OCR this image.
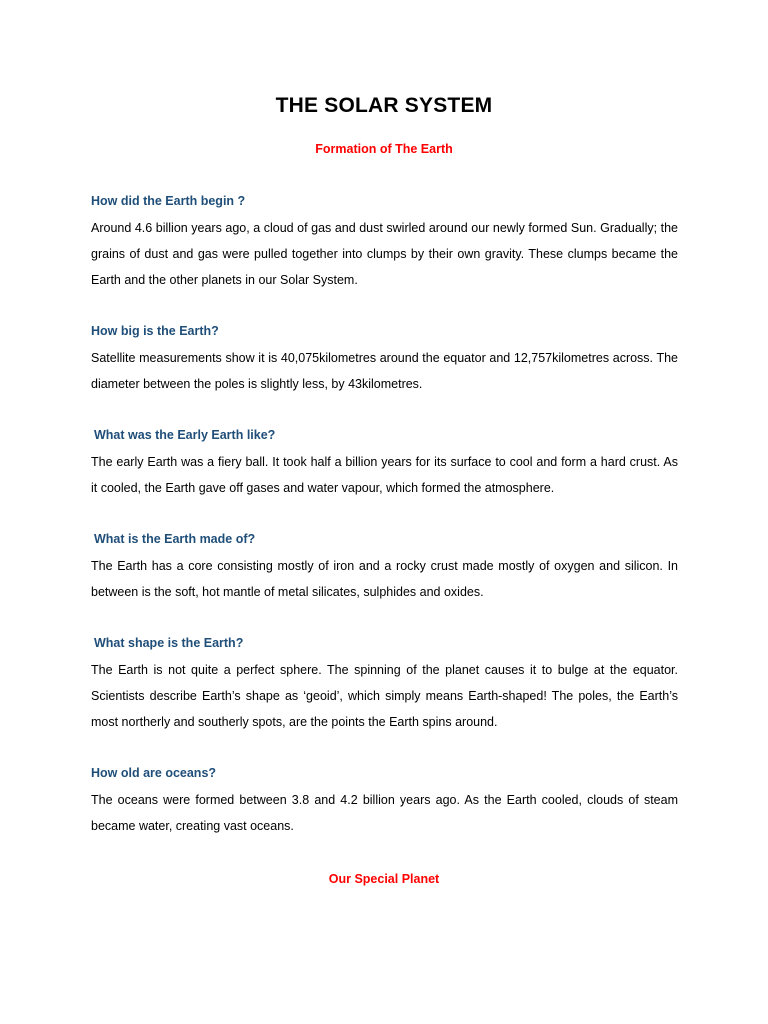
THE SOLAR SYSTEM

Formation of The Earth

How did the Earth begin ?

Around 4.6 billion years ago, a cloud of gas and dust swirled around our newly formed Sun. Gradually; the grains of dust and gas were pulled together into clumps by their own gravity. These clumps became the Earth and the other planets in our Solar System.

How big is the Earth?

Satellite measurements show it is 40,075kilometres around the equator and 12,757kilometres across. The diameter between the poles is slightly less, by 43kilometres.

What was the Early Earth like?

The early Earth was a fiery ball. It took half a billion years for its surface to cool and form a hard crust. As it cooled, the Earth gave off gases and water vapour, which formed the atmosphere.

What is the Earth made of?

The Earth has a core consisting mostly of iron and a rocky crust made mostly of oxygen and silicon. In between is the soft, hot mantle of metal silicates, sulphides and oxides.

What shape is the Earth?

The Earth is not quite a perfect sphere. The spinning of the planet causes it to bulge at the equator. Scientists describe Earth’s shape as ‘geoid’, which simply means Earth-shaped! The poles, the Earth’s most northerly and southerly spots, are the points the Earth spins around.

How old are oceans?

The oceans were formed between 3.8 and 4.2 billion years ago. As the Earth cooled, clouds of steam became water, creating vast oceans.

Our Special Planet
